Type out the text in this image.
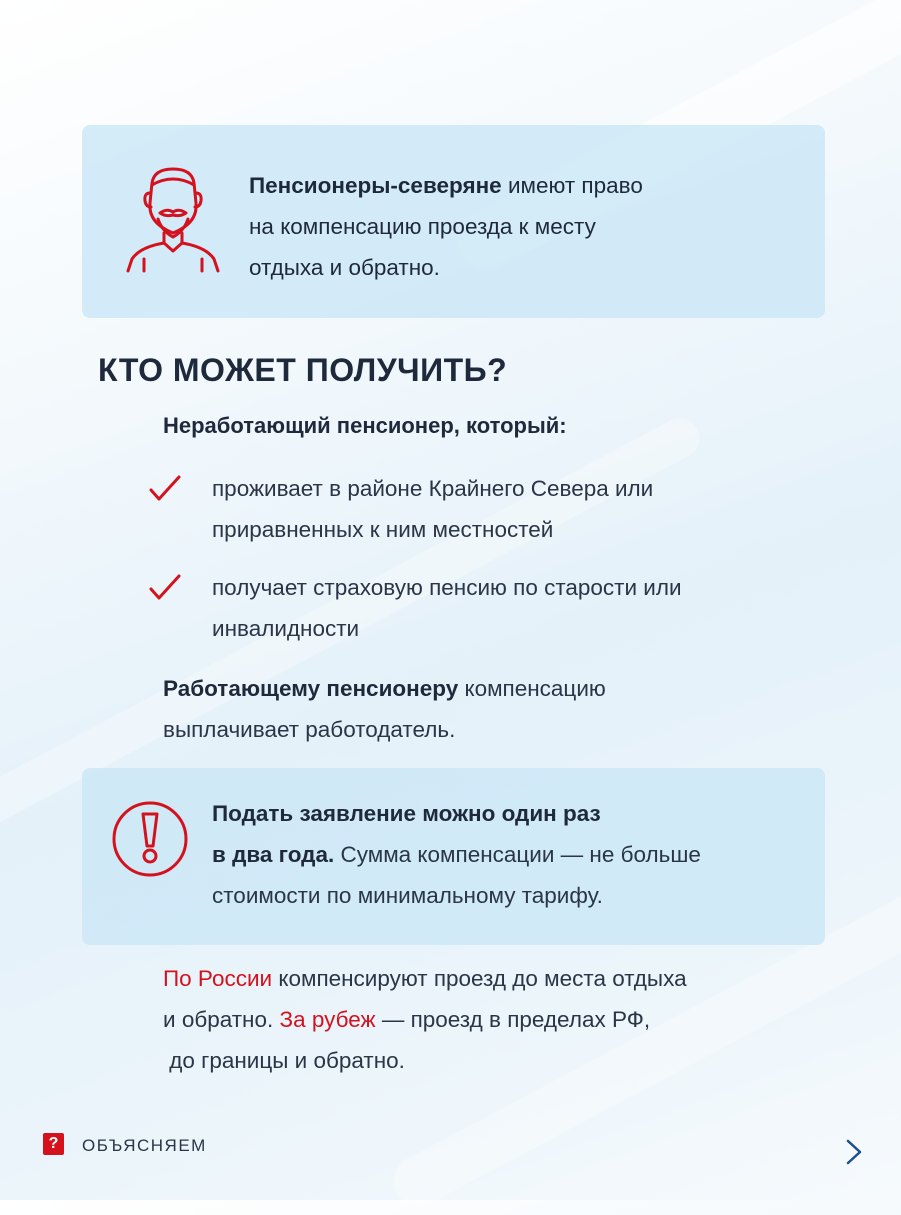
Пенсионеры-северяне имеют право
на компенсацию проезда к месту
отдыха и обратно.
КТО МОЖЕТ ПОЛУЧИТЬ?
Неработающий пенсионер, который:
проживает в районе Крайнего Севера или
приравненных к ним местностей
получает страховую пенсию по старости или
инвалидности
Работающему пенсионеру компенсацию
выплачивает работодатель.
Подать заявление можно один раз
в два года. Сумма компенсации — не больше
стоимости по минимальному тарифу.
По России компенсируют проезд до места отдыха
и обратно. За рубеж — проезд в пределах РФ,
до границы и обратно.
?	ОБЪЯСНЯЕМ
